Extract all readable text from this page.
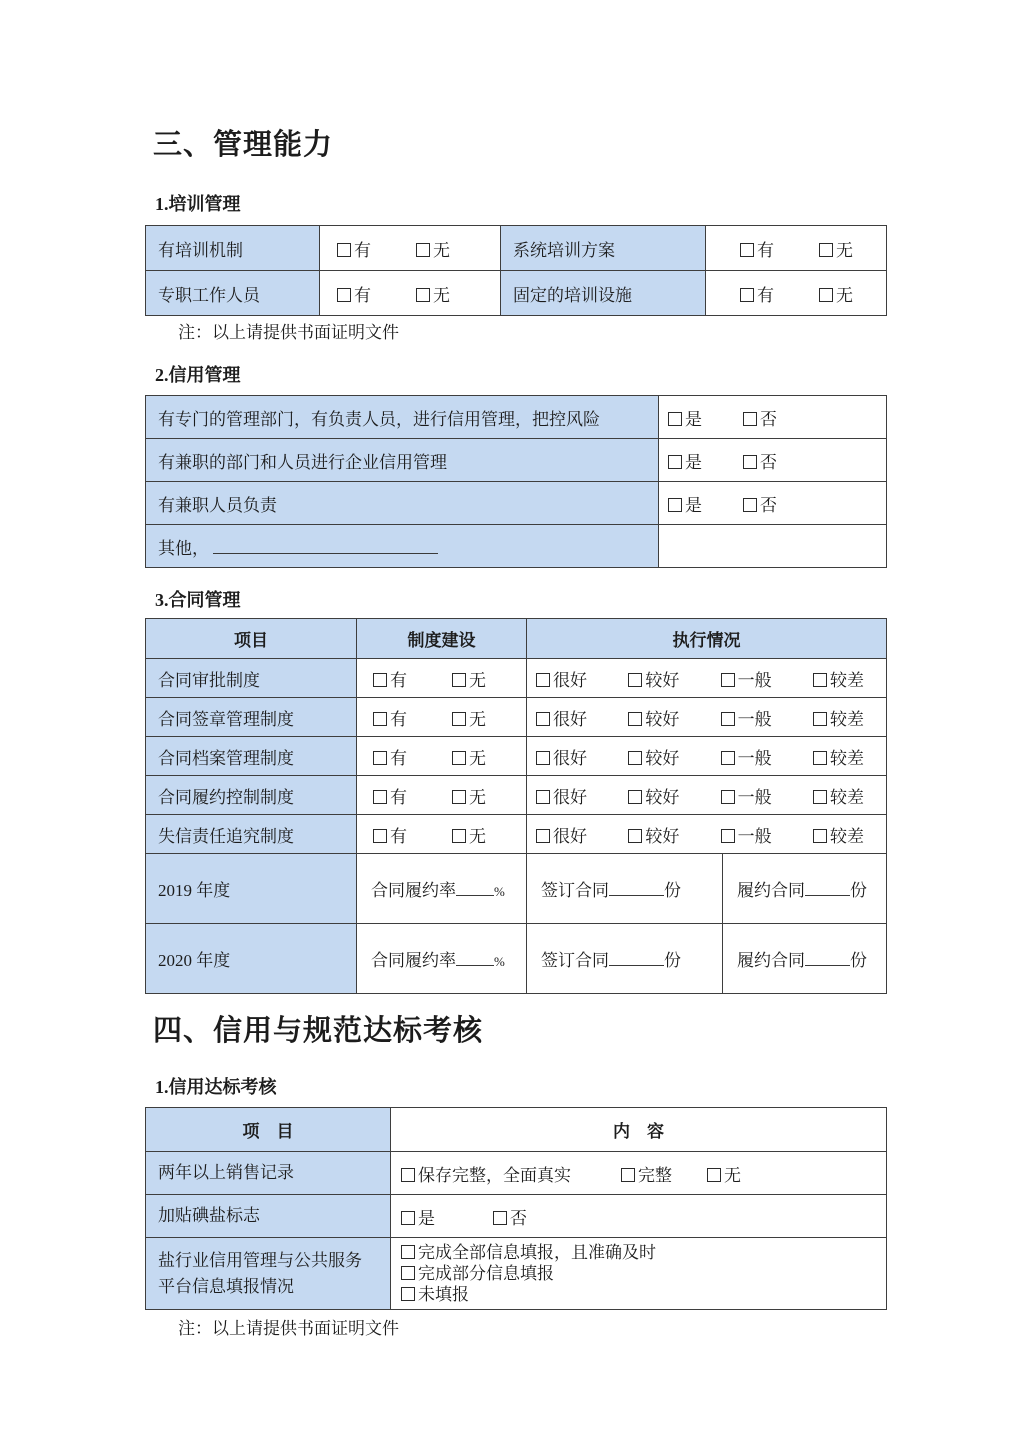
三、管理能力
1.培训管理
有培训机制	有 无	系统培训方案	有 无

专职工作人员	有 无	固定的培训设施	有 无
注：以上请提供书面证明文件
2.信用管理
有专门的管理部门，有负责人员，进行信用管理，把控风险	是 否

有兼职的部门和人员进行企业信用管理	是 否

有兼职人员负责	是 否

其他，	
3.合同管理
项目	制度建设	执行情况	
合同审批制度	有 无	很好 较好 一般 较差	

合同签章管理制度	有 无	很好 较好 一般 较差	

合同档案管理制度	有 无	很好 较好 一般 较差	

合同履约控制制度	有 无	很好 较好 一般 较差	

失信责任追究制度	有 无	很好 较好 一般 较差	

2019 年度	合同履约率 %	签订合同 份	履约合同 份
2020 年度	合同履约率 %	签订合同 份	履约合同 份
四、信用与规范达标考核
1.信用达标考核
项　目	内　容
两年以上销售记录	保存完整，全面真实 完整 无

加贴碘盐标志	是 否

盐行业信用管理与公共服务平台信息填报情况	完成全部信息填报，且准确及时
完成部分信息填报
未填报
注：以上请提供书面证明文件
